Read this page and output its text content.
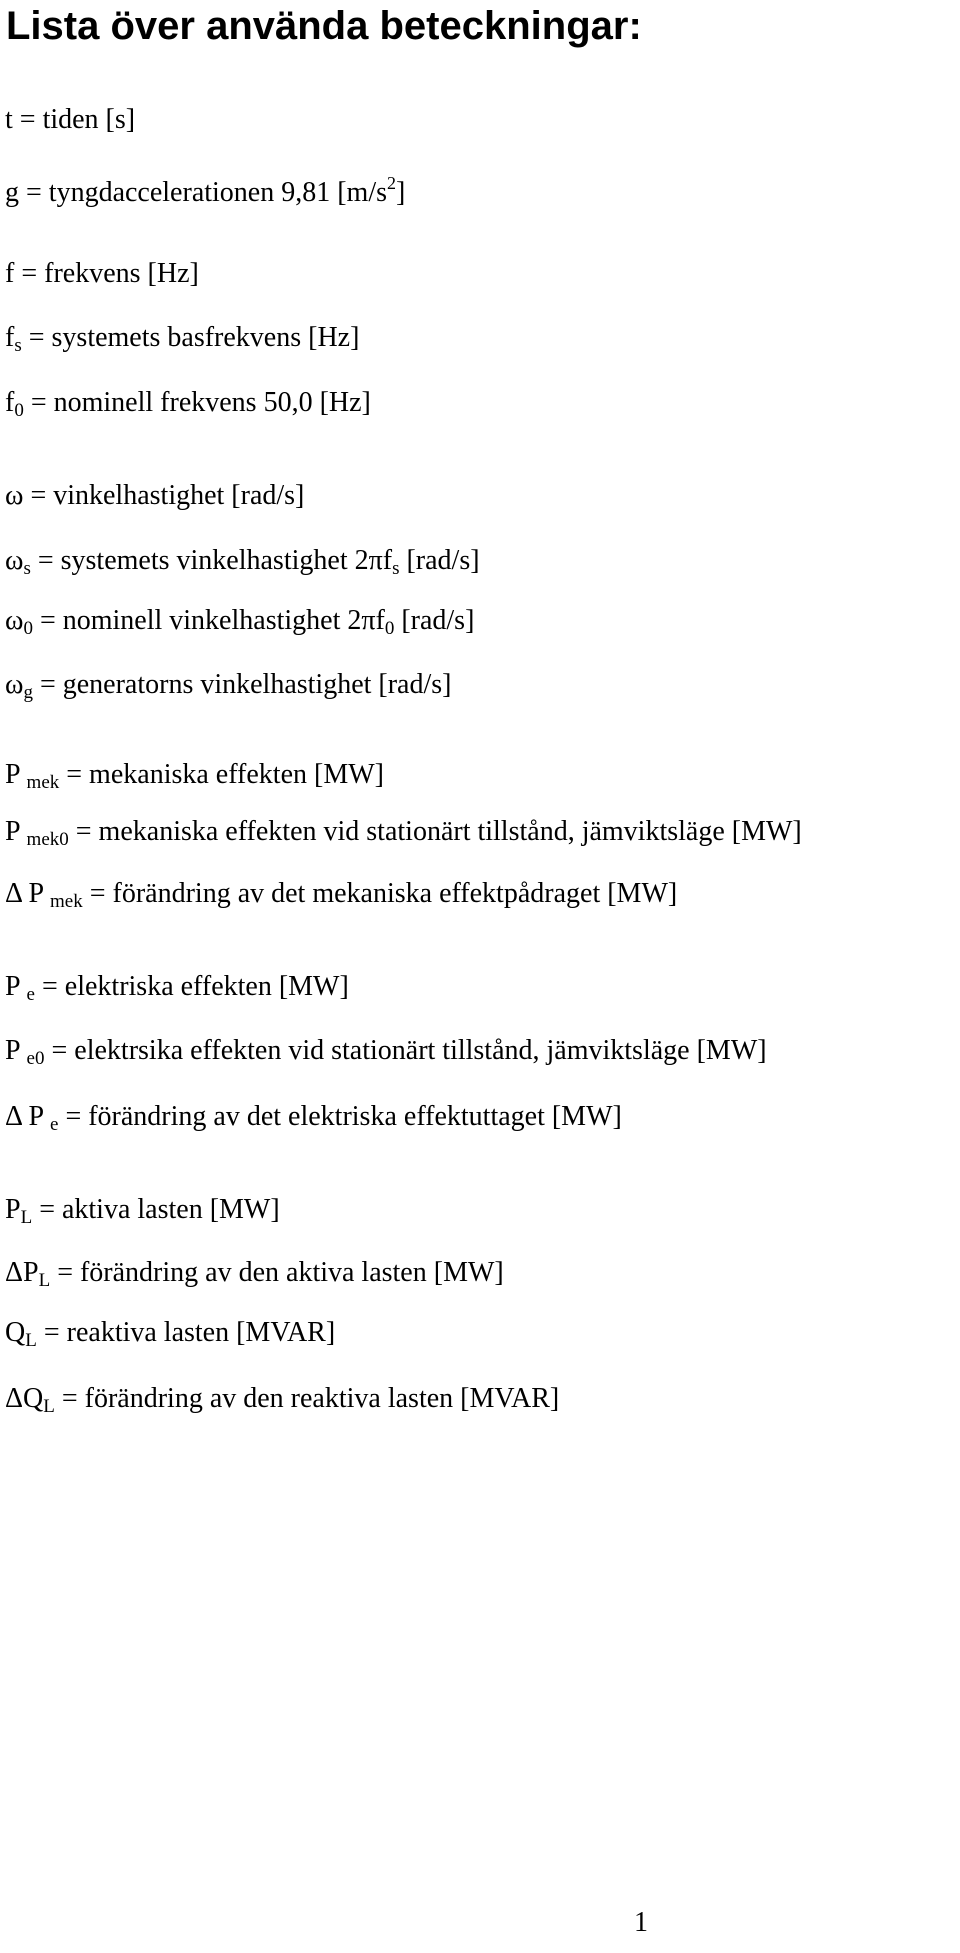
Lista över använda beteckningar:
t = tiden [s]
g = tyngdaccelerationen 9,81 $[m/s^2]$
f = frekvens [Hz]
$f_s$ = systemets basfrekvens [Hz]
$f_0$ = nominell frekvens 50,0 [Hz]
ω = vinkelhastighet [rad/s]
$\omega_s$ = systemets vinkelhastighet $2\pi f_s$ [rad/s]
$\omega_0$ = nominell vinkelhastighet $2\pi f_0$ [rad/s]
$\omega_g$ = generatorns vinkelhastighet [rad/s]
P $_{mek}$ = mekaniska effekten [MW]
P $_{mek0}$ = mekaniska effekten vid stationärt tillstånd, jämviktsläge [MW]
Δ P $_{mek}$ = förändring av det mekaniska effektpådraget [MW]
P $_e$ = elektriska effekten [MW]
P $_{e0}$ = elektrsika effekten vid stationärt tillstånd, jämviktsläge [MW]
Δ P $_e$ = förändring av det elektriska effektuttaget [MW]
$P_L$ = aktiva lasten [MW]
$\Delta P_L$ = förändring av den aktiva lasten [MW]
$Q_L$ = reaktiva lasten [MVAR]
$\Delta Q_L$ = förändring av den reaktiva lasten [MVAR]
1
